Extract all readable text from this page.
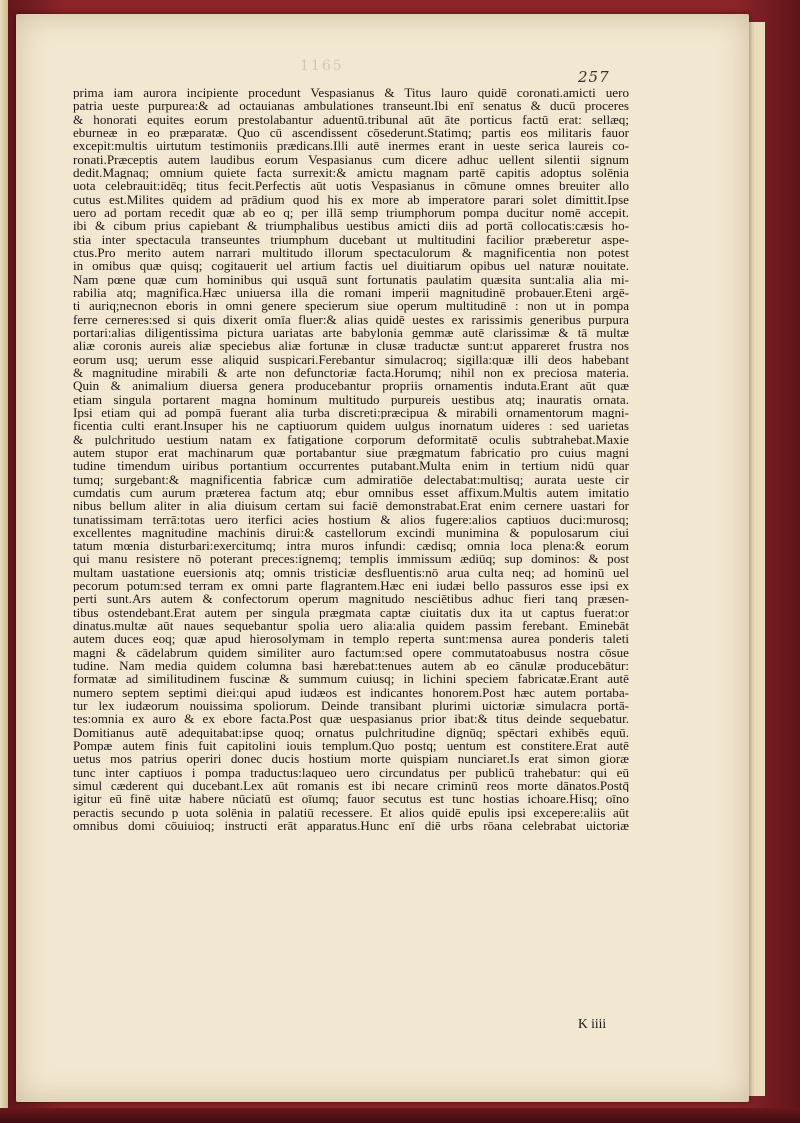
1165
257
prima iam aurora incipiente procedunt Vespasianus & Titus lauro quidē coronati.amicti uero
patria ueste purpurea:& ad octauianas ambulationes transeunt.Ibi enī senatus & ducū proceres
& honorati equites eorum prestolabantur aduentū.tribunal aūt āte porticus factū erat: sellæq;
eburneæ in eo præparatæ. Quo cū ascendissent cōsederunt.Statimq; partis eos militaris fauor
excepit:multis uirtutum testimoniis prædicans.Illi autē inermes erant in ueste serica laureis co-
ronati.Præceptis autem laudibus eorum Vespasianus cum dicere adhuc uellent silentii signum
dedit.Magnaq; omnium quiete facta surrexit:& amictu magnam partē capitis adoptus solēnia
uota celebrauit:idēq; titus fecit.Perfectis aūt uotis Vespasianus in cōmune omnes breuiter allo
cutus est.Milites quidem ad prādium quod his ex more ab imperatore parari solet dimittit.Ipse
uero ad portam recedit quæ ab eo q; per illā semp triumphorum pompa ducitur nomē accepit.
ibi & cibum prius capiebant & triumphalibus uestibus amicti diis ad portā collocatis:cæsis ho-
stia inter spectacula transeuntes triumphum ducebant ut multitudini facilior præberetur aspe-
ctus.Pro merito autem narrari multitudo illorum spectaculorum & magnificentia non potest
in omibus quæ quisq; cogitauerit uel artium factis uel diuitiarum opibus uel naturæ nouitate.
Nam pœne quæ cum hominibus qui usquā sunt fortunatis paulatim quæsita sunt:alia alia mi-
rabilia atq; magnifica.Hæc uniuersa illa die romani imperii magnitudinē probauer.Eteni argē-
ti auriq;necnon eboris in omni genere specierum siue operum multitudinē : non ut in pompa
ferre cerneres:sed si quis dixerit omīa fluer:& alias quidē uestes ex rarissimis generibus purpura
portari:alias diligentissima pictura uariatas arte babylonia gemmæ autē clarissimæ & tā multæ
aliæ coronis aureis aliæ speciebus aliæ fortunæ in clusæ traductæ sunt:ut appareret frustra nos
eorum usq; uerum esse aliquid suspicari.Ferebantur simulacroq; sigilla:quæ illi deos habebant
& magnitudine mirabili & arte non defunctoriæ facta.Horumq; nihil non ex preciosa materia.
Quin & animalium diuersa genera producebantur propriis ornamentis induta.Erant aūt quæ
etiam singula portarent magna hominum multitudo purpureis uestibus atq; inauratis ornata.
Ipsi etiam qui ad pompā fuerant alia turba discreti:præcipua & mirabili ornamentorum magni-
ficentia culti erant.Insuper his ne captiuorum quidem uulgus inornatum uideres : sed uarietas
& pulchritudo uestium natam ex fatigatione corporum deformitatē oculis subtrahebat.Maxie
autem stupor erat machinarum quæ portabantur siue prægmatum fabricatio pro cuius magni
tudine timendum uiribus portantium occurrentes putabant.Multa enim in tertium nidū quar
tumq; surgebant:& magnificentia fabricæ cum admiratiōe delectabat:multisq; aurata ueste cir
cumdatis cum aurum præterea factum atq; ebur omnibus esset affixum.Multis autem imitatio
nibus bellum aliter in alia diuisum certam sui faciē demonstrabat.Erat enim cernere uastari for
tunatissimam terrā:totas uero iterfici acies hostium & alios fugere:alios captiuos duci:murosq;
excellentes magnitudine machinis dirui:& castellorum excindi munimina & populosarum ciui
tatum mœnia disturbari:exercitumq; intra muros infundi: cædisq; omnia loca plena:& eorum
qui manu resistere nō poterant preces:ignemq; templis immissum ædiūq; sup dominos: & post
multam uastatione euersionis atq; omnis tristiciæ desfluentis:nō arua culta neq; ad hominū uel
pecorum potum:sed terram ex omni parte flagrantem.Hæc eni iudæi bello passuros esse ipsi ex
perti sunt.Ars autem & confectorum operum magnitudo nesciētibus adhuc fieri tanq præsen-
tibus ostendebant.Erat autem per singula prægmata captæ ciuitatis dux ita ut captus fuerat:or
dinatus.multæ aūt naues sequebantur spolia uero alia:alia quidem passim ferebant. Eminebāt
autem duces eoq; quæ apud hierosolymam in templo reperta sunt:mensa aurea ponderis taleti
magni & cādelabrum quidem similiter auro factum:sed opere commutatoabusus nostra cōsue
tudine. Nam media quidem columna basi hærebat:tenues autem ab eo cānulæ producebātur:
formatæ ad similitudinem fuscinæ & summum cuiusq; in lichini speciem fabricatæ.Erant autē
numero septem septimi diei:qui apud iudæos est indicantes honorem.Post hæc autem portaba-
tur lex iudæorum nouissima spoliorum. Deinde transibant plurimi uictoriæ simulacra portā-
tes:omnia ex auro & ex ebore facta.Post quæ uespasianus prior ibat:& titus deinde sequebatur.
Domitianus autē adequitabat:ipse quoq; ornatus pulchritudine dignūq; spēctari exhibēs equū.
Pompæ autem finis fuit capitolini iouis templum.Quo postq; uentum est constitere.Erat autē
uetus mos patrius operiri donec ducis hostium morte quispiam nunciaret.Is erat simon gioræ
tunc inter captiuos i pompa traductus:laqueo uero circundatus per publicū trahebatur: qui eū
simul cæderent qui ducebant.Lex aūt romanis est ibi necare criminū reos morte dānatos.Postq̄
igitur eū finē uitæ habere nūciatū est oīumq; fauor secutus est tunc hostias ichoare.Hisq; oīno
peractis secundo p uota solēnia in palatiū recessere. Et alios quidē epulis ipsi excepere:aliis aūt
omnibus domi cōuiuioq; instructi erāt apparatus.Hunc enī diē urbs rōana celebrabat uictoriæ
K iiii
